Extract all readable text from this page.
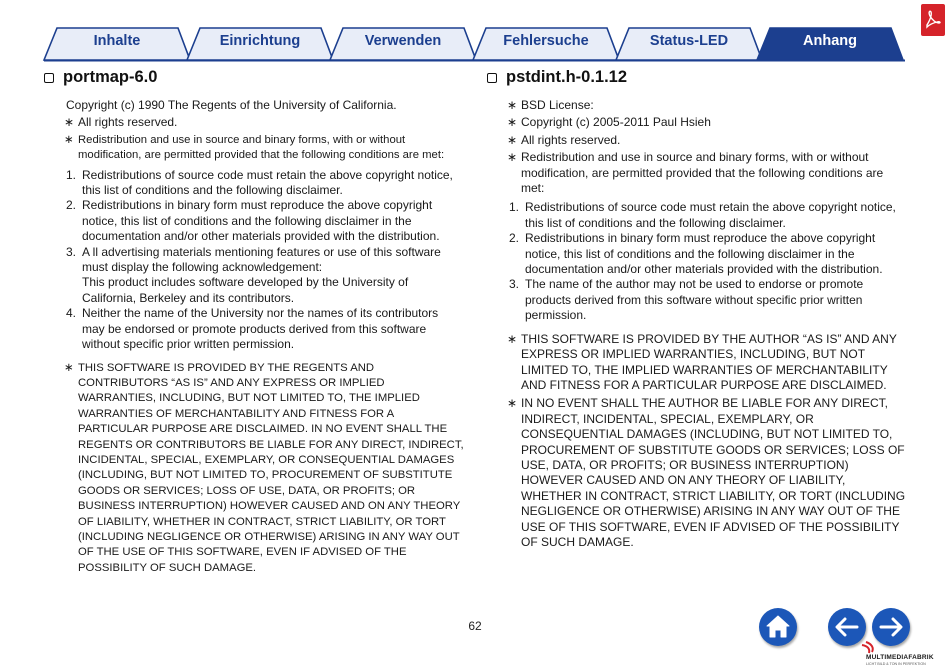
Inhalte	Einrichtung	Verwenden	Fehlersuche	Status-LED	Anhang
portmap-6.0

Copyright (c) 1990 The Regents of the University of California.

∗ All rights reserved.
∗ Redistribution and use in source and binary forms, with or without modification, are permitted provided that the following conditions are met:
1. Redistributions of source code must retain the above copyright notice, this list of conditions and the following disclaimer.
2. Redistributions in binary form must reproduce the above copyright notice, this list of conditions and the following disclaimer in the documentation and/or other materials provided with the distribution.
3. A ll advertising materials mentioning features or use of this software must display the following acknowledgement:
This product includes software developed by the University of California, Berkeley and its contributors.
4. Neither the name of the University nor the names of its contributors may be endorsed or promote products derived from this software without specific prior written permission.
∗ THIS SOFTWARE IS PROVIDED BY THE REGENTS AND CONTRIBUTORS “AS IS” AND ANY EXPRESS OR IMPLIED WARRANTIES, INCLUDING, BUT NOT LIMITED TO, THE IMPLIED WARRANTIES OF MERCHANTABILITY AND FITNESS FOR A PARTICULAR PURPOSE ARE DISCLAIMED. IN NO EVENT SHALL THE REGENTS OR CONTRIBUTORS BE LIABLE FOR ANY DIRECT, INDIRECT, INCIDENTAL, SPECIAL, EXEMPLARY, OR CONSEQUENTIAL DAMAGES (INCLUDING, BUT NOT LIMITED TO, PROCUREMENT OF SUBSTITUTE GOODS OR SERVICES; LOSS OF USE, DATA, OR PROFITS; OR BUSINESS INTERRUPTION) HOWEVER CAUSED AND ON ANY THEORY OF LIABILITY, WHETHER IN CONTRACT, STRICT LIABILITY, OR TORT (INCLUDING NEGLIGENCE OR OTHERWISE) ARISING IN ANY WAY OUT OF THE USE OF THIS SOFTWARE, EVEN IF ADVISED OF THE POSSIBILITY OF SUCH DAMAGE.
pstdint.h-0.1.12
∗ BSD License:
∗ Copyright (c) 2005-2011 Paul Hsieh
∗ All rights reserved.
∗ Redistribution and use in source and binary forms, with or without modification, are permitted provided that the following conditions are met:
1. Redistributions of source code must retain the above copyright notice, this list of conditions and the following disclaimer.
2. Redistributions in binary form must reproduce the above copyright notice, this list of conditions and the following disclaimer in the documentation and/or other materials provided with the distribution.
3. The name of the author may not be used to endorse or promote products derived from this software without specific prior written permission.
∗ THIS SOFTWARE IS PROVIDED BY THE AUTHOR “AS IS” AND ANY EXPRESS OR IMPLIED WARRANTIES, INCLUDING, BUT NOT LIMITED TO, THE IMPLIED WARRANTIES OF MERCHANTABILITY AND FITNESS FOR A PARTICULAR PURPOSE ARE DISCLAIMED.
∗ IN NO EVENT SHALL THE AUTHOR BE LIABLE FOR ANY DIRECT, INDIRECT, INCIDENTAL, SPECIAL, EXEMPLARY, OR CONSEQUENTIAL DAMAGES (INCLUDING, BUT NOT LIMITED TO, PROCUREMENT OF SUBSTITUTE GOODS OR SERVICES; LOSS OF USE, DATA, OR PROFITS; OR BUSINESS INTERRUPTION) HOWEVER CAUSED AND ON ANY THEORY OF LIABILITY, WHETHER IN CONTRACT, STRICT LIABILITY, OR TORT (INCLUDING NEGLIGENCE OR OTHERWISE) ARISING IN ANY WAY OUT OF THE USE OF THIS SOFTWARE, EVEN IF ADVISED OF THE POSSIBILITY OF SUCH DAMAGE.
62
MULTIMEDIAFABRIK
LICHT BILD & TON IN PERFEKTION
